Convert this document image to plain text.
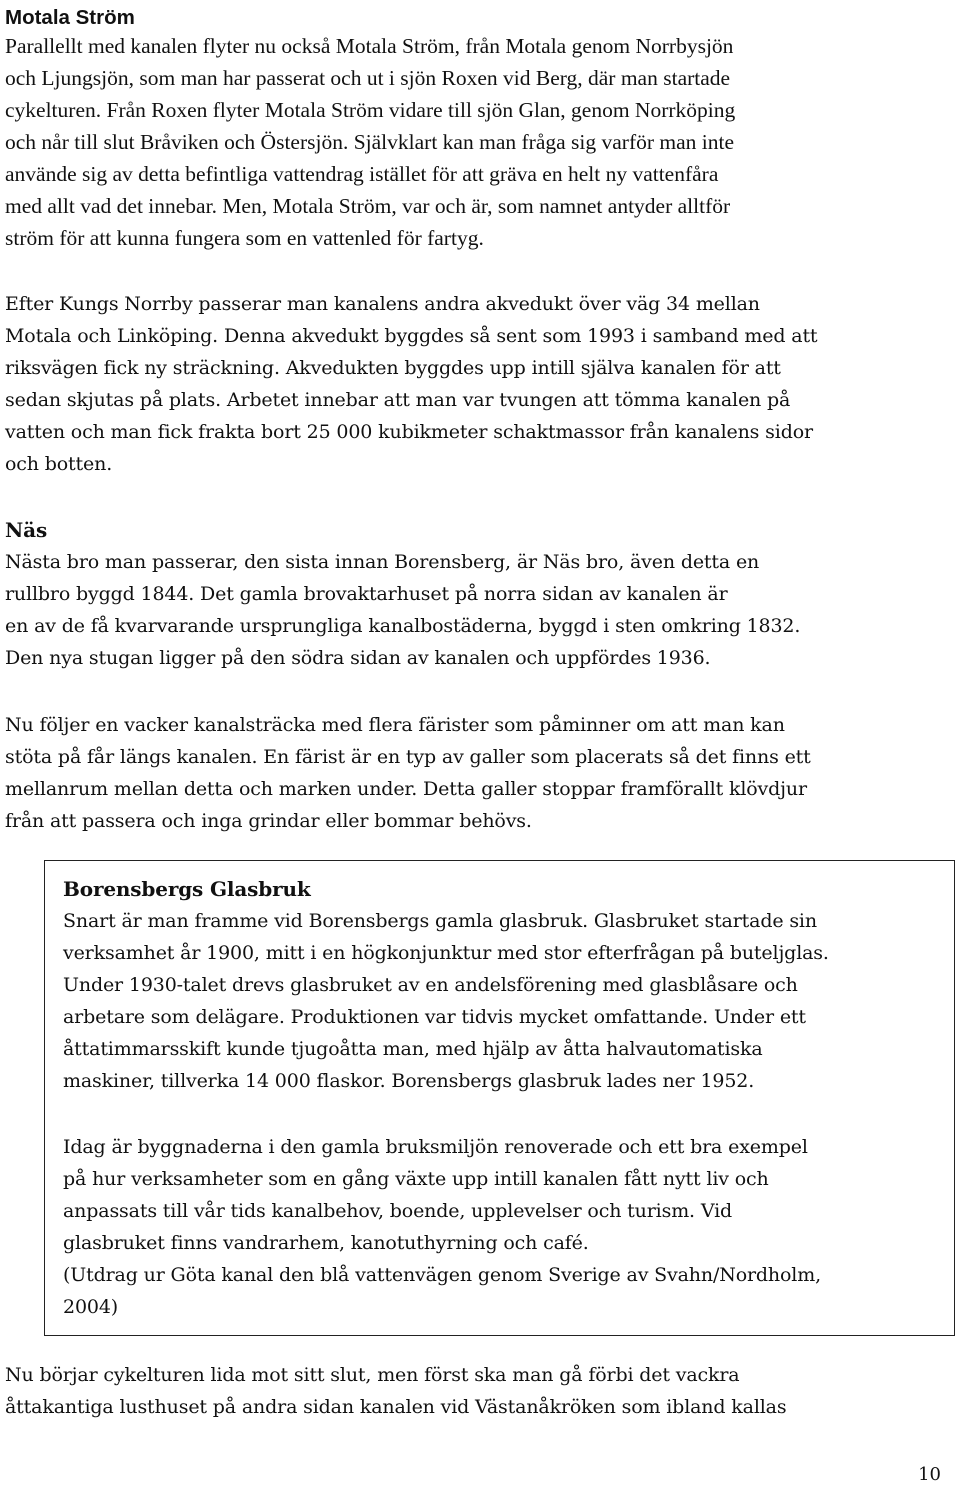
Motala Ström
Parallellt med kanalen flyter nu också Motala Ström, från Motala genom Norrbysjön
och Ljungsjön, som man har passerat och ut i sjön Roxen vid Berg, där man startade
cykelturen. Från Roxen flyter Motala Ström vidare till sjön Glan, genom Norrköping
och når till slut Bråviken och Östersjön. Självklart kan man fråga sig varför man inte
använde sig av detta befintliga vattendrag istället för att gräva en helt ny vattenfåra
med allt vad det innebar. Men, Motala Ström, var och är, som namnet antyder alltför
ström för att kunna fungera som en vattenled för fartyg.
Efter Kungs Norrby passerar man kanalens andra akvedukt över väg 34 mellan
Motala och Linköping. Denna akvedukt byggdes så sent som 1993 i samband med att
riksvägen fick ny sträckning. Akvedukten byggdes upp intill själva kanalen för att
sedan skjutas på plats. Arbetet innebar att man var tvungen att tömma kanalen på
vatten och man fick frakta bort 25 000 kubikmeter schaktmassor från kanalens sidor
och botten.
Näs
Nästa bro man passerar, den sista innan Borensberg, är Näs bro, även detta en
rullbro byggd 1844. Det gamla brovaktarhuset på norra sidan av kanalen är
en av de få kvarvarande ursprungliga kanalbostäderna, byggd i sten omkring 1832.
Den nya stugan ligger på den södra sidan av kanalen och uppfördes 1936.
Nu följer en vacker kanalsträcka med flera färister som påminner om att man kan
stöta på får längs kanalen. En färist är en typ av galler som placerats så det finns ett
mellanrum mellan detta och marken under. Detta galler stoppar framförallt klövdjur
från att passera och inga grindar eller bommar behövs.
Borensbergs Glasbruk
Snart är man framme vid Borensbergs gamla glasbruk. Glasbruket startade sin
verksamhet år 1900, mitt i en högkonjunktur med stor efterfrågan på buteljglas.
Under 1930-talet drevs glasbruket av en andelsförening med glasblåsare och
arbetare som delägare. Produktionen var tidvis mycket omfattande. Under ett
åttatimmarsskift kunde tjugoåtta man, med hjälp av åtta halvautomatiska
maskiner, tillverka 14 000 flaskor. Borensbergs glasbruk lades ner 1952.
Idag är byggnaderna i den gamla bruksmiljön renoverade och ett bra exempel
på hur verksamheter som en gång växte upp intill kanalen fått nytt liv och
anpassats till vår tids kanalbehov, boende, upplevelser och turism. Vid
glasbruket finns vandrarhem, kanotuthyrning och café.
(Utdrag ur Göta kanal den blå vattenvägen genom Sverige av Svahn/Nordholm,
2004)
Nu börjar cykelturen lida mot sitt slut, men först ska man gå förbi det vackra
åttakantiga lusthuset på andra sidan kanalen vid Västanåkröken som ibland kallas
10
